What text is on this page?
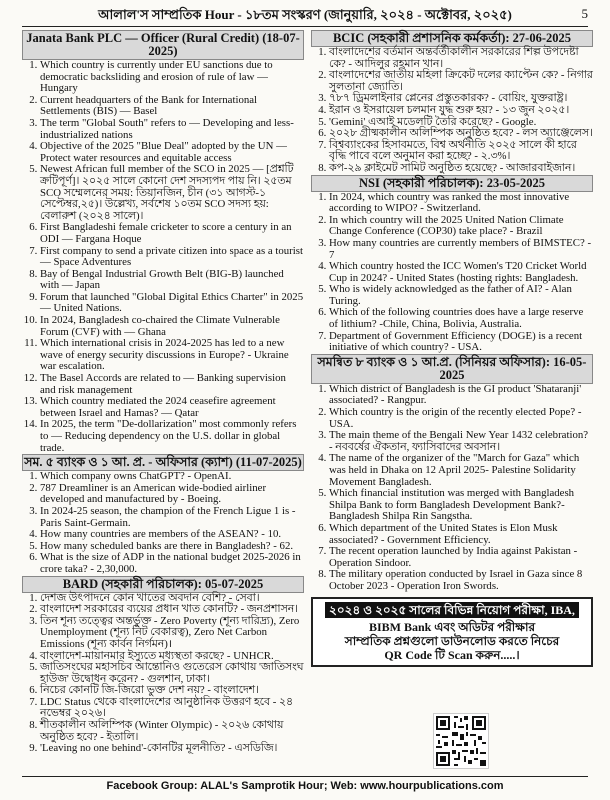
আলাল'স সাম্প্রতিক Hour - ১৮তম সংস্করণ (জানুয়ারি, ২০২৪ - অক্টোবর, ২০২৫)	5
Janata Bank PLC — Officer (Rural Credit) (18-07-2025)
1. Which country is currently under EU sanctions due to democratic backsliding and erosion of rule of law — Hungary
2. Current headquarters of the Bank for International Settlements (BIS) — Basel
3. The term "Global South" refers to — Developing and less-industrialized nations
4. Objective of the 2025 "Blue Deal" adopted by the UN — Protect water resources and equitable access
5. Newest African full member of the SCO in 2025 — [প্রশ্নটি ক্রটিপূর্ণ]। ২০২৫ সালে কোনো দেশ সদস্যপদ পায় নি। ২৫তম SCO সম্মেলনের সময়: তিয়ানজিন, চীন (৩১ আগস্ট-১ সেপ্টেম্বর,২৫)। উল্লেখ্য, সর্বশেষ ১০তম SCO সদস্য হয়: বেলারুশ (২০২৪ সালে)।
6. First Bangladeshi female cricketer to score a century in an ODI — Fargana Hoque
7. First company to send a private citizen into space as a tourist — Space Adventures
8. Bay of Bengal Industrial Growth Belt (BIG-B) launched with — Japan
9. Forum that launched "Global Digital Ethics Charter" in 2025 — United Nations.
10. In 2024, Bangladesh co-chaired the Climate Vulnerable Forum (CVF) with — Ghana
11. Which international crisis in 2024-2025 has led to a new wave of energy security discussions in Europe? - Ukraine war escalation.
12. The Basel Accords are related to — Banking supervision and risk management
13. Which country mediated the 2024 ceasefire agreement between Israel and Hamas? — Qatar
14. In 2025, the term "De-dollarization" most commonly refers to — Reducing dependency on the U.S. dollar in global trade.
সম. ৫ ব্যাংক ও ১ আ. প্র. - অফিসার (ক্যাশ) (11-07-2025)
1. Which company owns ChatGPT? - OpenAI.
2. 787 Dreamliner is an American wide-bodied airliner developed and manufactured by - Boeing.
3. In 2024-25 season, the champion of the French Ligue 1 is - Paris Saint-Germain.
4. How many countries are members of the ASEAN? - 10.
5. How many scheduled banks are there in Bangladesh? - 62.
6. What is the size of ADP in the national budget 2025-2026 in crore taka? - 2,30,000.
BARD (সহকারী পরিচালক): 05-07-2025
1. দেশজ উৎপাদনে কোন খাতের অবদান বেশি? - সেবা।
2. বাংলাদেশ সরকারের ব্যয়ের প্রধান খাত কোনটি? - জনপ্রশাসন।
3. তিন শূন্য তত্ত্বের অন্তর্ভুক্ত - Zero Poverty (শূন্য দারিদ্র্য), Zero Unemployment (শূন্য নিট বেকারত্ব), Zero Net Carbon Emissions (শূন্য কার্বন নির্গমন)।
4. বাংলাদেশ-মায়ানমার ইস্যুতে মধ্যস্থতা করছে? - UNHCR.
5. জাতিসংঘের মহাসচিব আন্তোনিও গুতেরেস কোথায় 'জাতিসংঘ হাউজ' উদ্বোধন করেন? - গুলশান, ঢাকা।
6. নিচের কোনটি জি-জিরো ভুক্ত দেশ নয়? - বাংলাদেশ।
7. LDC Status থেকে বাংলাদেশের আনুষ্ঠানিক উত্তরণ হবে - ২৪ নভেম্বর ২০২৬।
8. শীতকালীন অলিম্পিক (Winter Olympic) - ২০২৬ কোথায় অনুষ্ঠিত হবে? - ইতালি।
9. 'Leaving no one behind'-কোনটির মূলনীতি? - এসডিজি।
BCIC (সহকারী প্রশাসনিক কর্মকর্তা): 27-06-2025
1. বাংলাদেশের বর্তমান অন্তর্বর্তীকালীন সরকারের শিল্প উপদেষ্টা কে? - আদিলুর রহমান খান।
2. বাংলাদেশের জাতীয় মহিলা ক্রিকেট দলের ক্যাপ্টেন কে? - নিগার সুলতানা জ্যোতি।
3. ৭৮৭ ড্রিমলাইনার প্লেনের প্রস্তুতকারক? - বোয়িং, যুক্তরাষ্ট্র।
4. ইরান ও ইসরায়েল চলমান যুদ্ধ শুরু হয়? - ১৩ জুন ২০২৫।
5. 'Gemini' এআই মডেলটি তৈরি করেছে? - Google.
6. ২০২৮ গ্রীষ্মকালীন অলিম্পিক অনুষ্ঠিত হবে? - লস অ্যাঞ্জেলেস।
7. বিশ্বব্যাংকের হিসাবমতে, বিশ্ব অর্থনীতি ২০২৫ সালে কী হারে বৃদ্ধি পাবে বলে অনুমান করা হচ্ছে? - ২.৩%।
8. কপ-২৯ ক্লাইমেট সামিট অনুষ্ঠিত হয়েছে? - আজারবাইজান।
NSI (সহকারী পরিচালক): 23-05-2025
1. In 2024, which country was ranked the most innovative according to WIPO? - Switzerland.
2. In which country will the 2025 United Nation Climate Change Conference (COP30) take place? - Brazil
3. How many countries are currently members of BIMSTEC? - 7
4. Which country hosted the ICC Women's T20 Cricket World Cup in 2024? - United States (hosting rights: Bangladesh.
5. Who is widely acknowledged as the father of AI? - Alan Turing.
6. Which of the following countries does have a large reserve of lithium? -Chile, China, Bolivia, Australia.
7. Department of Government Efficiency (DOGE) is a recent initiative of which country? - USA.
সমন্বিত ৮ ব্যাংক ও ১ আ.প্র. (সিনিয়র অফিসার): 16-05-2025
1. Which district of Bangladesh is the GI product 'Shataranji' associated? - Rangpur.
2. Which country is the origin of the recently elected Pope? - USA.
3. The main theme of the Bengali New Year 1432 celebration? - নববর্ষের ঐকতান, ফ্যাসিবাদের অবসান।
4. The name of the organizer of the "March for Gaza" which was held in Dhaka on 12 April 2025- Palestine Solidarity Movement Bangladesh.
5. Which financial institution was merged with Bangladesh Shilpa Bank to form Bangladesh Development Bank?- Bangladesh Shilpa Rin Sangstha.
6. Which department of the United States is Elon Musk associated? - Government Efficiency.
7. The recent operation launched by India against Pakistan - Operation Sindoor.
8. The military operation conducted by Israel in Gaza since 8 October 2023 - Operation Iron Swords.
২০২৪ ও ২০২৫ সালের বিভিন্ন নিয়োগ পরীক্ষা, IBA,
BIBM Bank এবং অডিটর পরীক্ষার
সাম্প্রতিক প্রশ্নগুলো ডাউনলোড করতে নিচের
QR Code টি Scan করুন.....।
Facebook Group: ALAL's Samprotik Hour; Web: www.hourpublications.com
